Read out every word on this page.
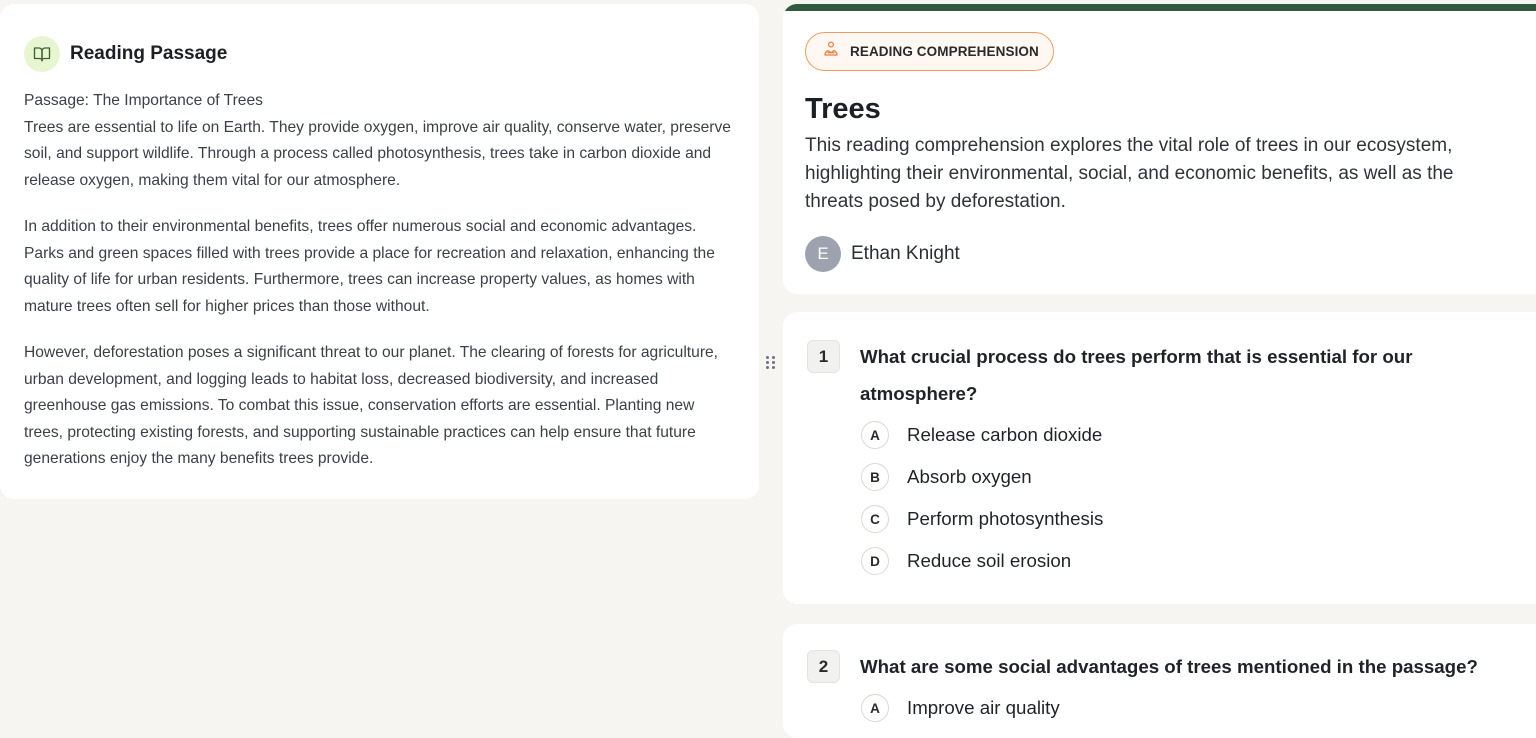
Reading Passage

Passage: The Importance of Trees
Trees are essential to life on Earth. They provide oxygen, improve air quality, conserve water, preserve soil, and support wildlife. Through a process called photosynthesis, trees take in carbon dioxide and release oxygen, making them vital for our atmosphere.

In addition to their environmental benefits, trees offer numerous social and economic advantages. Parks and green spaces filled with trees provide a place for recreation and relaxation, enhancing the quality of life for urban residents. Furthermore, trees can increase property values, as homes with mature trees often sell for higher prices than those without.

However, deforestation poses a significant threat to our planet. The clearing of forests for agriculture, urban development, and logging leads to habitat loss, decreased biodiversity, and increased greenhouse gas emissions. To combat this issue, conservation efforts are essential. Planting new trees, protecting existing forests, and supporting sustainable practices can help ensure that future generations enjoy the many benefits trees provide.

READING COMPREHENSION
Trees

This reading comprehension explores the vital role of trees in our ecosystem, highlighting their environmental, social, and economic benefits, as well as the threats posed by deforestation.

E	Ethan Knight
1	What crucial process do trees perform that is essential for our atmosphere?
A	Release carbon dioxide
B	Absorb oxygen
C	Perform photosynthesis
D	Reduce soil erosion
2	What are some social advantages of trees mentioned in the passage?
A	Improve air quality
